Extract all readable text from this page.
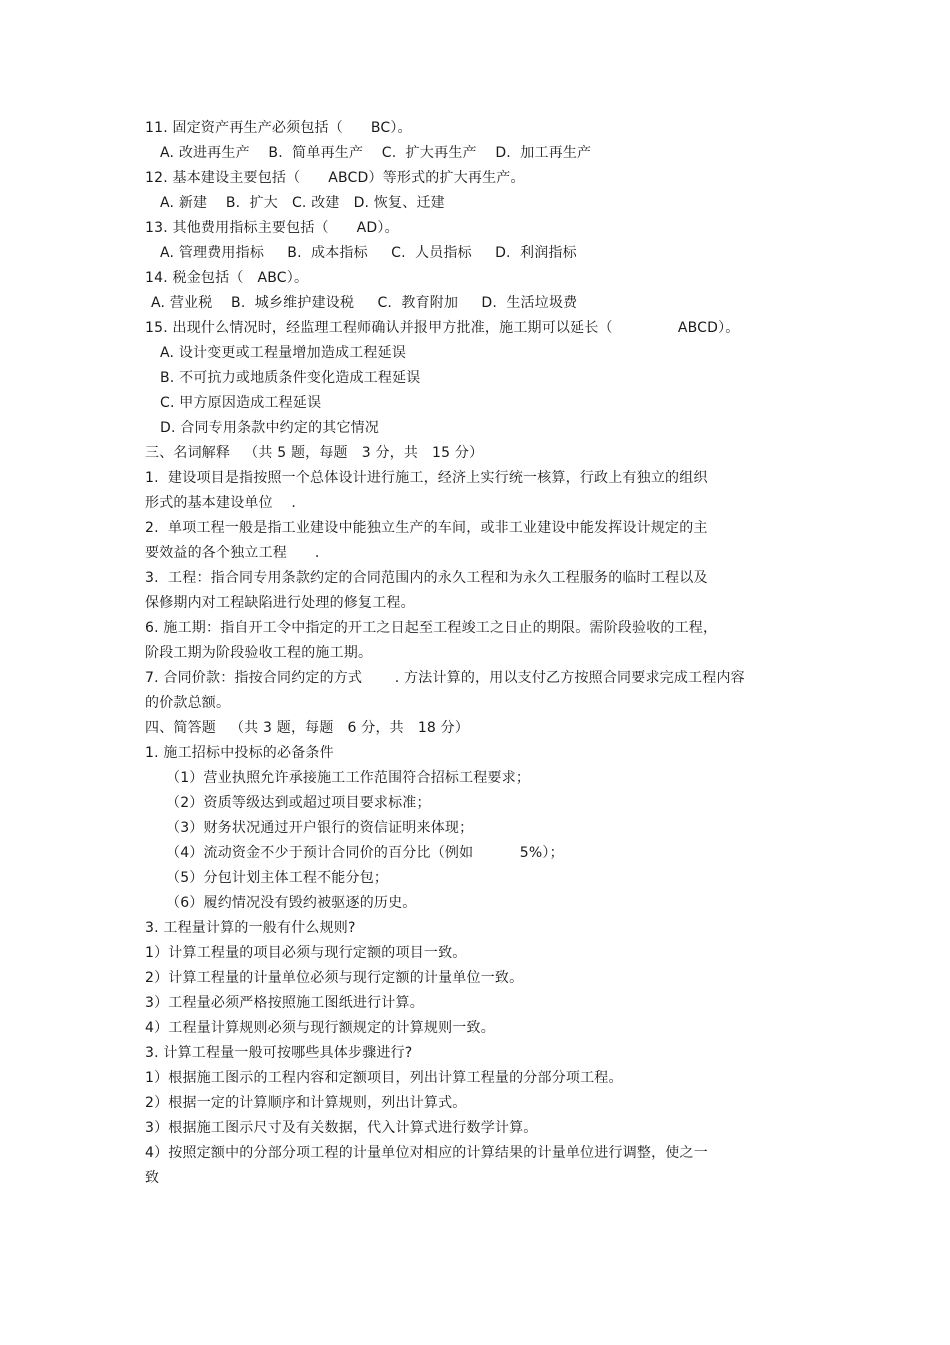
11. 固定资产再生产必须包括（      BC）。
A. 改进再生产    B.  简单再生产    C.  扩大再生产    D.  加工再生产
12. 基本建设主要包括（      ABCD）等形式的扩大再生产。
A. 新建    B.  扩大   C. 改建   D. 恢复、迁建
13. 其他费用指标主要包括（      AD）。
A. 管理费用指标     B.  成本指标     C.  人员指标     D.  利润指标
14. 税金包括（   ABC）。
A. 营业税    B.  城乡维护建设税     C.  教育附加     D.  生活垃圾费
15. 出现什么情况时，经监理工程师确认并报甲方批准，施工期可以延长（              ABCD）。
A. 设计变更或工程量增加造成工程延误
B. 不可抗力或地质条件变化造成工程延误
C. 甲方原因造成工程延误
D. 合同专用条款中约定的其它情况
三、名词解释   （共 5 题，每题   3 分，共   15 分）
1.  建设项目是指按照一个总体设计进行施工，经济上实行统一核算，行政上有独立的组织
形式的基本建设单位    .
2.  单项工程一般是指工业建设中能独立生产的车间，或非工业建设中能发挥设计规定的主
要效益的各个独立工程      .
3.  工程：指合同专用条款约定的合同范围内的永久工程和为永久工程服务的临时工程以及
保修期内对工程缺陷进行处理的修复工程。
6. 施工期：指自开工令中指定的开工之日起至工程竣工之日止的期限。需阶段验收的工程，
阶段工期为阶段验收工程的施工期。
7. 合同价款：指按合同约定的方式       . 方法计算的，用以支付乙方按照合同要求完成工程内容
的价款总额。
四、简答题   （共 3 题，每题   6 分，共   18 分）
1. 施工招标中投标的必备条件
（1）营业执照允许承接施工工作范围符合招标工程要求；
（2）资质等级达到或超过项目要求标准；
（3）财务状况通过开户银行的资信证明来体现；
（4）流动资金不少于预计合同价的百分比（例如          5%）；
（5）分包计划主体工程不能分包；
（6）履约情况没有毁约被驱逐的历史。
3. 工程量计算的一般有什么规则?
1）计算工程量的项目必须与现行定额的项目一致。
2）计算工程量的计量单位必须与现行定额的计量单位一致。
3）工程量必须严格按照施工图纸进行计算。
4）工程量计算规则必须与现行额规定的计算规则一致。
3. 计算工程量一般可按哪些具体步骤进行?
1）根据施工图示的工程内容和定额项目，列出计算工程量的分部分项工程。
2）根据一定的计算顺序和计算规则，列出计算式。
3）根据施工图示尺寸及有关数据，代入计算式进行数学计算。
4）按照定额中的分部分项工程的计量单位对相应的计算结果的计量单位进行调整，使之一
致
